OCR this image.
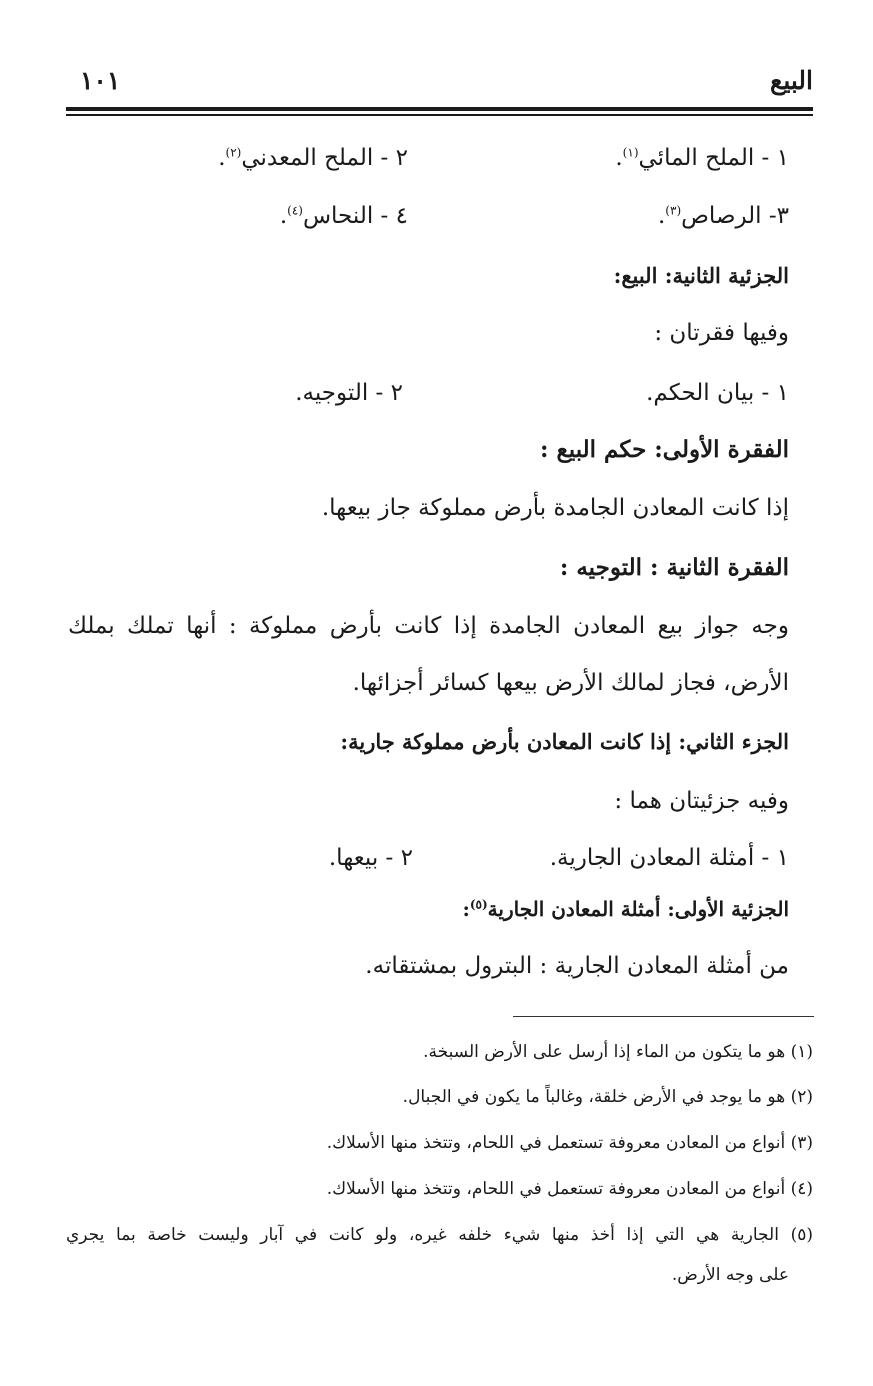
البيع
١٠١
١ - الملح المائي$^{(١)}$.
٢ - الملح المعدني$^{(٢)}$.
٣- الرصاص$^{(٣)}$.
٤ - النحاس$^{(٤)}$.
الجزئية الثانية: البيع:
وفيها فقرتان :
١ - بيان الحكم.
٢ - التوجيه.
الفقرة الأولى: حكم البيع :
إذا كانت المعادن الجامدة بأرض مملوكة جاز بيعها.
الفقرة الثانية : التوجيه :
وجه جواز بيع المعادن الجامدة إذا كانت بأرض مملوكة : أنها تملك بملك
الأرض، فجاز لمالك الأرض بيعها كسائر أجزائها.
الجزء الثاني: إذا كانت المعادن بأرض مملوكة جارية:
وفيه جزئيتان هما :
١ - أمثلة المعادن الجارية.
٢ - بيعها.
الجزئية الأولى: أمثلة المعادن الجارية$^{(٥)}$:
من أمثلة المعادن الجارية : البترول بمشتقاته.
(١) هو ما يتكون من الماء إذا أرسل على الأرض السبخة.
(٢) هو ما يوجد في الأرض خلقة، وغالباً ما يكون في الجبال.
(٣) أنواع من المعادن معروفة تستعمل في اللحام، وتتخذ منها الأسلاك.
(٤) أنواع من المعادن معروفة تستعمل في اللحام، وتتخذ منها الأسلاك.
(٥) الجارية هي التي إذا أخذ منها شيء خلفه غيره، ولو كانت في آبار وليست خاصة بما يجري
على وجه الأرض.
